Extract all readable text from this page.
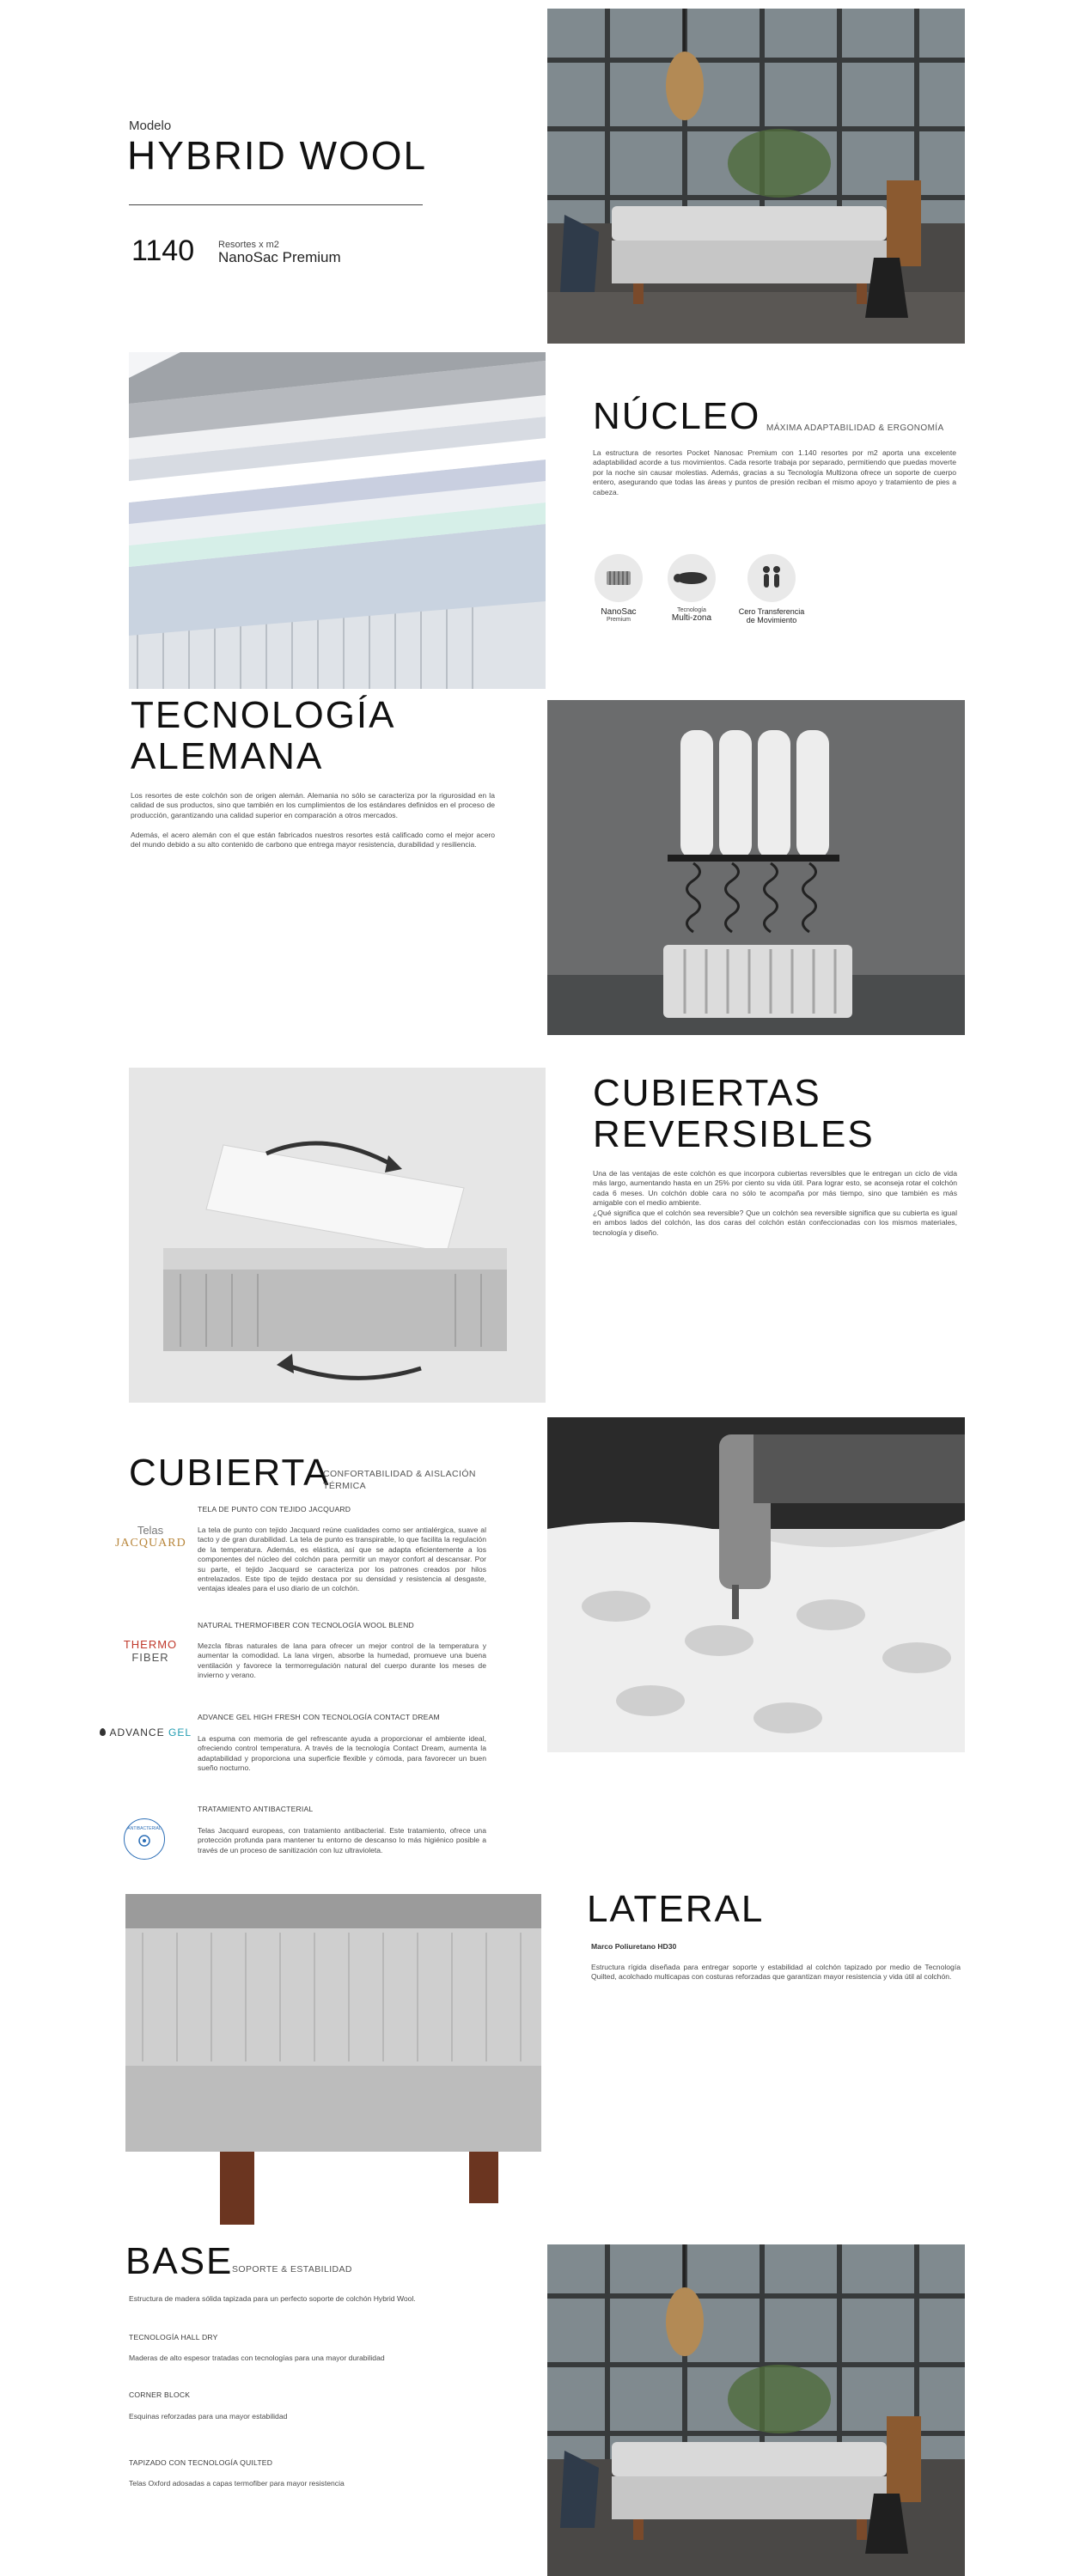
Modelo
HYBRID WOOL
1140	Resortes x m2
NanoSac Premium
NÚCLEO MÁXIMA ADAPTABILIDAD & ERGONOMÍA

La estructura de resortes Pocket Nanosac Premium con 1.140 resortes por m2 aporta una excelente adaptabilidad acorde a tus movimientos. Cada resorte trabaja por separado, permitiendo que puedas moverte por la noche sin causar molestias. Además, gracias a su Tecnología Multizona ofrece un soporte de cuerpo entero, asegurando que todas las áreas y puntos de presión reciban el mismo apoyo y tratamiento de pies a cabeza.

NanoSac
Premium
Tecnología
Multi-zona
Cero Transferencia
de Movimiento
TECNOLOGÍA
ALEMANA

Los resortes de este colchón son de origen alemán. Alemania no sólo se caracteriza por la rigurosidad en la calidad de sus productos, sino que también en los cumplimientos de los estándares definidos en el proceso de producción, garantizando una calidad superior en comparación a otros mercados.

Además, el acero alemán con el que están fabricados nuestros resortes está calificado como el mejor acero del mundo debido a su alto contenido de carbono que entrega mayor resistencia, durabilidad y resiliencia.

CUBIERTAS
REVERSIBLES

Una de las ventajas de este colchón es que incorpora cubiertas reversibles que le entregan un ciclo de vida más largo, aumentando hasta en un 25% por ciento su vida útil. Para lograr esto, se aconseja rotar el colchón cada 6 meses. Un colchón doble cara no sólo te acompaña por más tiempo, sino que también es más amigable con el medio ambiente.

¿Qué significa que el colchón sea reversible? Que un colchón sea reversible significa que su cubierta es igual en ambos lados del colchón, las dos caras del colchón están confeccionadas con los mismos materiales, tecnología y diseño.

CUBIERTA
CONFORTABILIDAD & AISLACIÓN
TÉRMICA
Telas
JACQUARD

TELA DE PUNTO CON TEJIDO JACQUARD

La tela de punto con tejido Jacquard reúne cualidades como ser antialérgica, suave al tacto y de gran durabilidad. La tela de punto es transpirable, lo que facilita la regulación de la temperatura. Además, es elástica, así que se adapta eficientemente a los componentes del núcleo del colchón para permitir un mayor confort al descansar. Por su parte, el tejido Jacquard se caracteriza por los patrones creados por hilos entrelazados. Este tipo de tejido destaca por su densidad y resistencia al desgaste, ventajas ideales para el uso diario de un colchón.

THERMO
FIBER

NATURAL THERMOFIBER CON TECNOLOGÍA WOOL BLEND

Mezcla fibras naturales de lana para ofrecer un mejor control de la temperatura y aumentar la comodidad. La lana virgen, absorbe la humedad, promueve una buena ventilación y favorece la termorregulación natural del cuerpo durante los meses de invierno y verano.

ADVANCE GEL

ADVANCE GEL HIGH FRESH CON TECNOLOGÍA CONTACT DREAM

La espuma con memoria de gel refrescante ayuda a proporcionar el ambiente ideal, ofreciendo control temperatura. A través de la tecnología Contact Dream, aumenta la adaptabilidad y proporciona una superficie flexible y cómoda, para favorecer un buen sueño nocturno.

ANTIBACTERIAL

TRATAMIENTO ANTIBACTERIAL

Telas Jacquard europeas, con tratamiento antibacterial. Este tratamiento, ofrece una protección profunda para mantener tu entorno de descanso lo más higiénico posible a través de un proceso de sanitización con luz ultravioleta.

LATERAL

Marco Poliuretano HD30

Estructura rígida diseñada para entregar soporte y estabilidad al colchón tapizado por medio de Tecnología Quilted, acolchado multicapas con costuras reforzadas que garantizan mayor resistencia y vida útil al colchón.

BASE
SOPORTE & ESTABILIDAD

Estructura de madera sólida tapizada para un perfecto soporte de colchón Hybrid Wool.

TECNOLOGÍA HALL DRY

Maderas de alto espesor tratadas con tecnologías para una mayor durabilidad

CORNER BLOCK

Esquinas reforzadas para una mayor estabilidad

TAPIZADO CON TECNOLOGÍA QUILTED

Telas Oxford adosadas a capas termofiber para mayor resistencia
